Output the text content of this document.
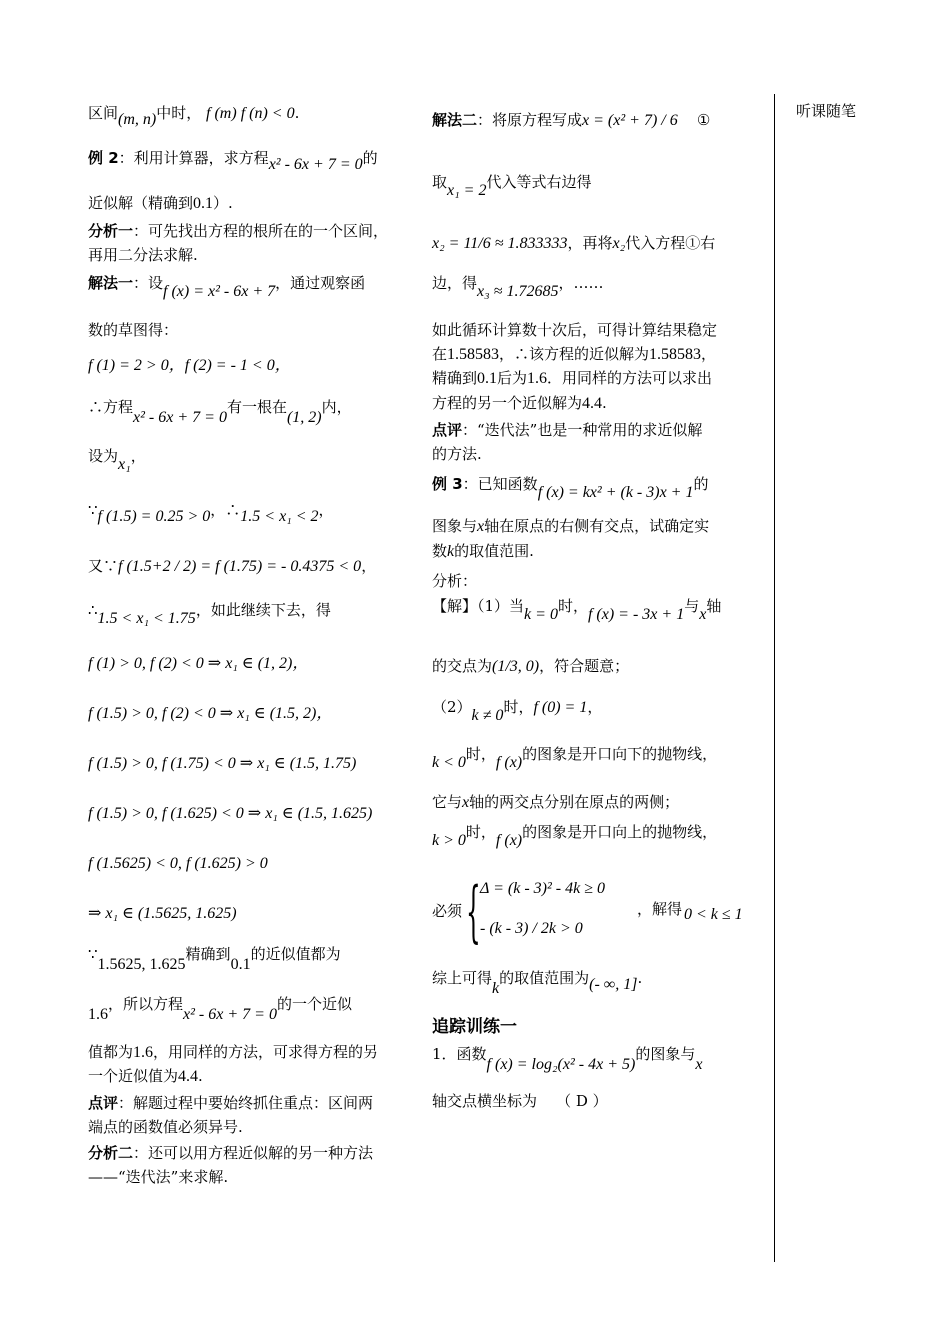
听课随笔
区间(m, n)中时， f (m) f (n) < 0.
例 2：利用计算器，求方程x² - 6x + 7 = 0的
近似解（精确到0.1）.
分析一：可先找出方程的根所在的一个区间，
再用二分法求解.
解法一：设f (x) = x² - 6x + 7，通过观察函
数的草图得：
f (1) = 2 > 0，f (2) = - 1 < 0，
∴方程x² - 6x + 7 = 0有一根在(1, 2)内，
设为x₁，
∵f (1.5) = 0.25 > 0，∴1.5 < x₁ < 2，
又∵f (1.5+2 / 2) = f (1.75) = - 0.4375 < 0，
∴1.5 < x₁ < 1.75，如此继续下去，得
f (1) > 0, f (2) < 0 ⇒ x₁ ∈ (1, 2)，
f (1.5) > 0, f (2) < 0 ⇒ x₁ ∈ (1.5, 2)，
f (1.5) > 0, f (1.75) < 0 ⇒ x₁ ∈ (1.5, 1.75)
f (1.5) > 0, f (1.625) < 0 ⇒ x₁ ∈ (1.5, 1.625)
f (1.5625) < 0, f (1.625) > 0
⇒ x₁ ∈ (1.5625, 1.625)
∵1.5625, 1.625精确到0.1的近似值都为
1.6，所以方程x² - 6x + 7 = 0的一个近似
值都为1.6，用同样的方法，可求得方程的另
一个近似值为4.4.
点评：解题过程中要始终抓住重点：区间两
端点的函数值必须异号.
分析二：还可以用方程近似解的另一种方法
——“迭代法”来求解.
解法二：将原方程写成x = (x² + 7) / 6 ①
取x₁ = 2代入等式右边得
x₂ = 11/6 ≈ 1.833333，再将x₂代入方程①右
边，得x₃ ≈ 1.72685，……
如此循环计算数十次后，可得计算结果稳定
在1.58583，∴该方程的近似解为1.58583，
精确到0.1后为1.6．用同样的方法可以求出
方程的另一个近似解为4.4.
点评：“迭代法”也是一种常用的求近似解
的方法.
例 3：已知函数f (x) = kx² + (k - 3)x + 1的
图象与x轴在原点的右侧有交点，试确定实
数k的取值范围.
分析：
【解】（1）当k = 0时，f (x) = - 3x + 1与x轴
的交点为(1/3, 0)，符合题意；
（2）k ≠ 0时，f (0) = 1，
k < 0时，f (x)的图象是开口向下的抛物线，
它与x轴的两交点分别在原点的两侧；
k > 0时，f (x)的图象是开口向上的抛物线，
必须 { Δ = (k - 3)² - 4k ≥ 0
- (k - 3) / 2k > 0
，解得 0 < k ≤ 1
综上可得k的取值范围为(- ∞, 1].
追踪训练一
1．函数f (x) = log₂(x² - 4x + 5)的图象与x
轴交点横坐标为 （ D ）
